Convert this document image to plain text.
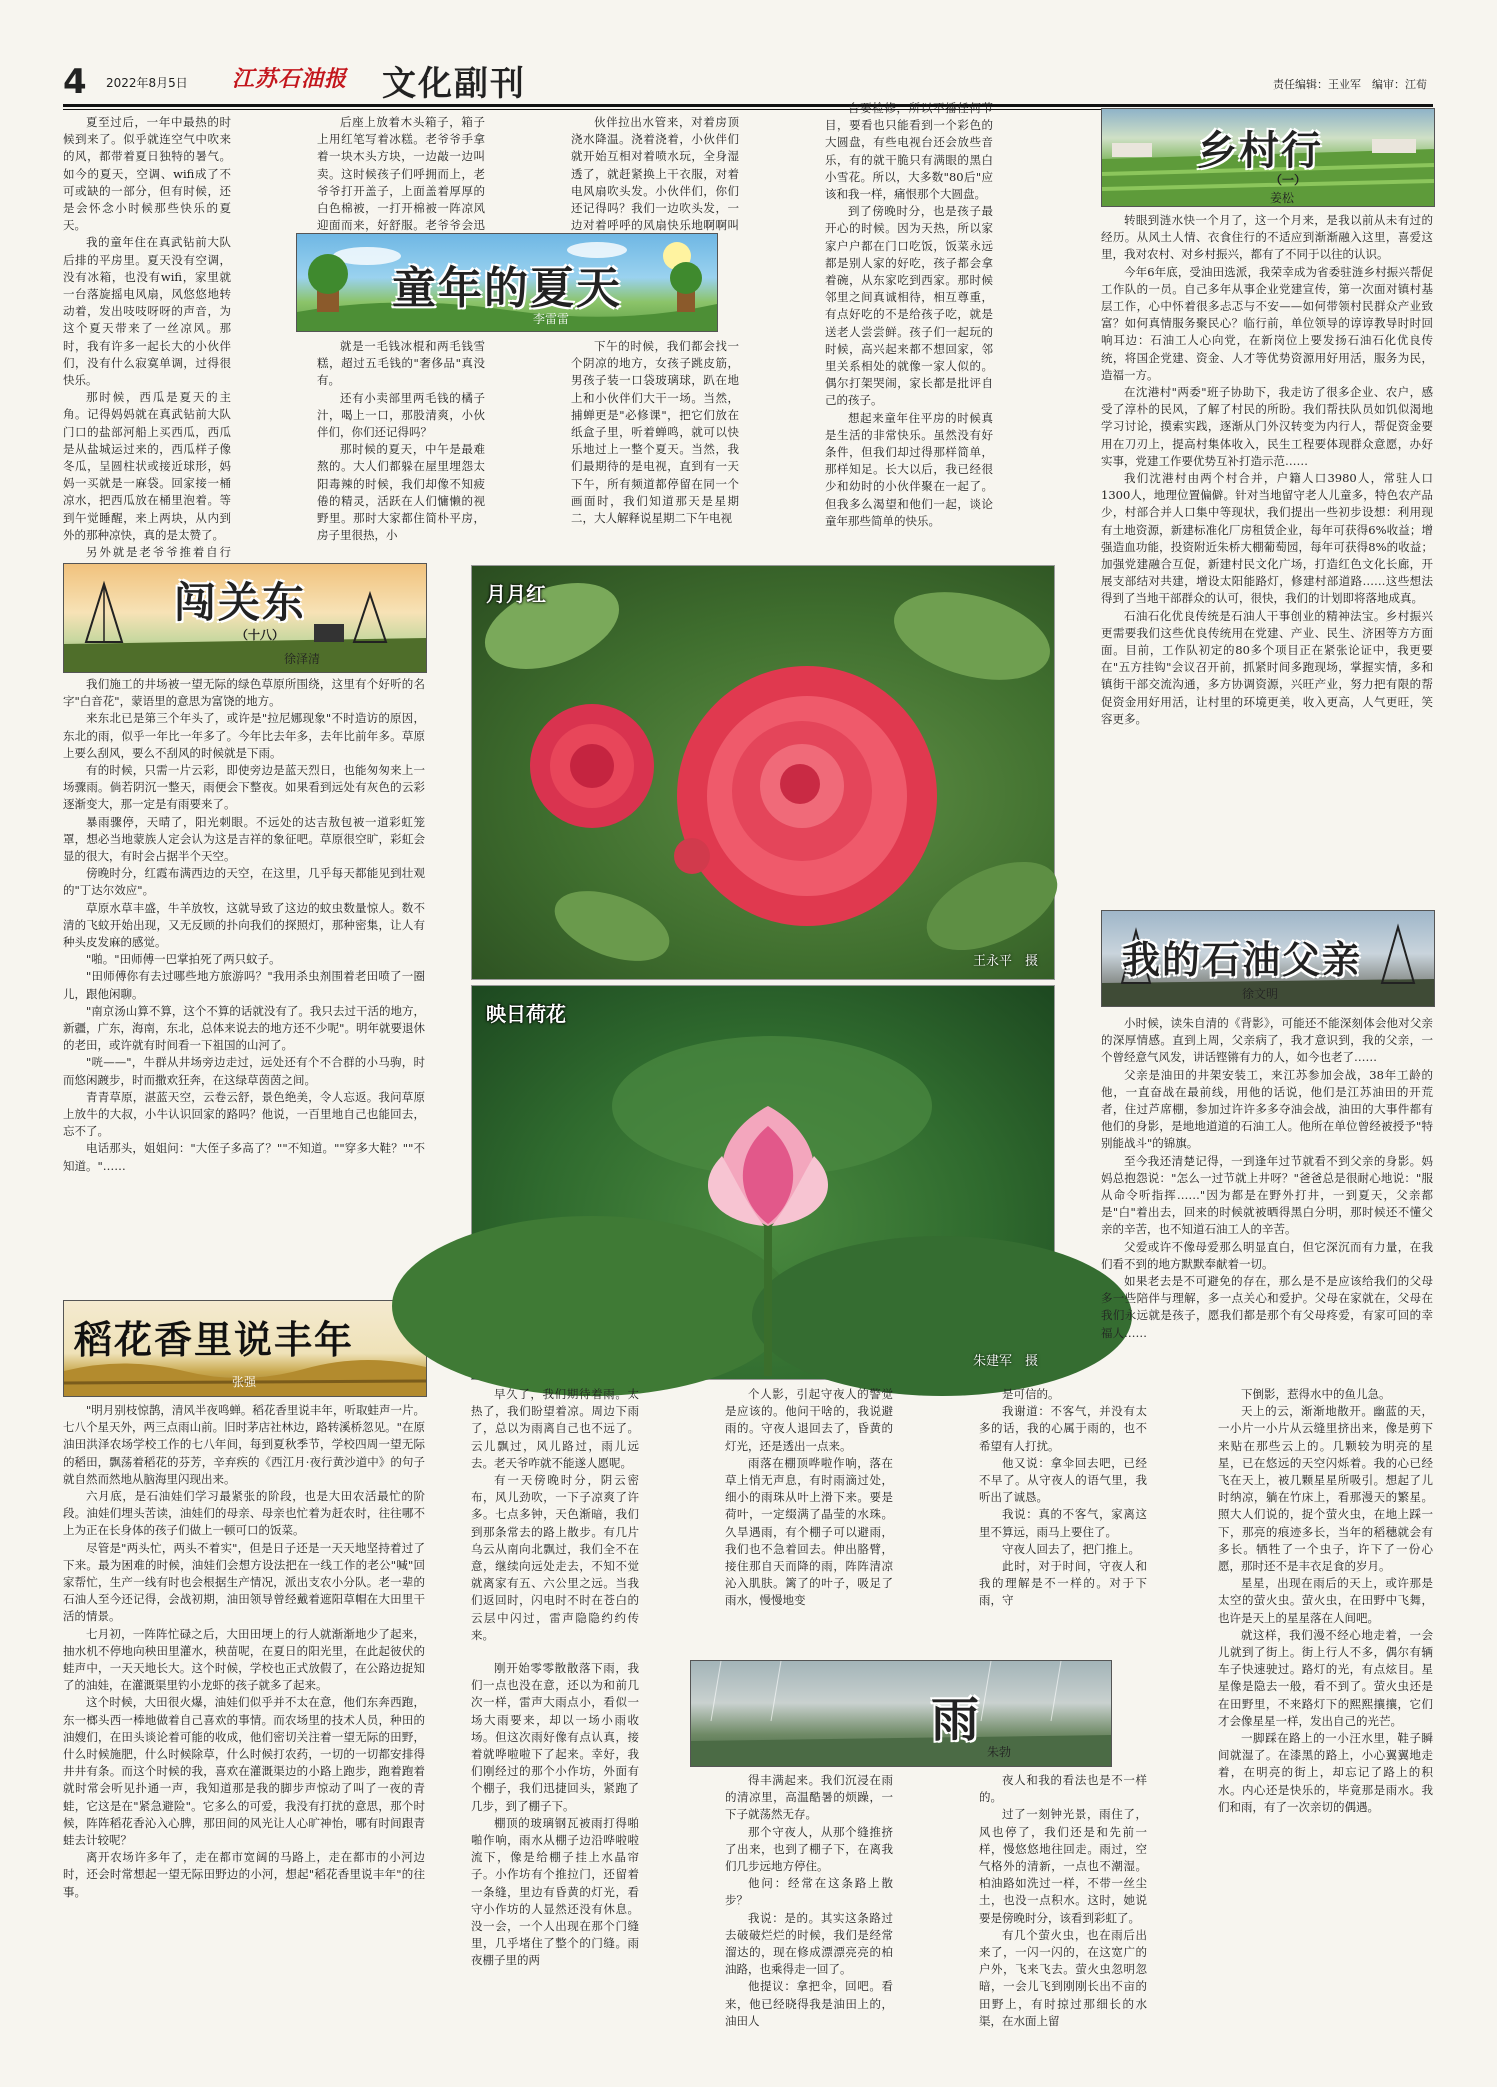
4 2022年8月5日 江苏石油报	文化副刊	责任编辑：王业军　编审：江荀

夏至过后，一年中最热的时候到来了。似乎就连空气中吹来的风，都带着夏日独特的暑气。如今的夏天，空调、wifi成了不可或缺的一部分，但有时候，还是会怀念小时候那些快乐的夏天。

我的童年住在真武钻前大队后排的平房里。夏天没有空调，没有冰箱，也没有wifi，家里就一台落旋摇电风扇，风悠悠地转动着，发出吱吱呀呀的声音，为这个夏天带来了一丝凉风。那时，我有许多一起长大的小伙伴们，没有什么寂寞单调，过得很快乐。

那时候，西瓜是夏天的主角。记得妈妈就在真武钻前大队门口的盐部河船上买西瓜，西瓜是从盐城运过来的，西瓜样子像冬瓜，呈圆柱状或接近球形，妈妈一买就是一麻袋。回家接一桶凉水，把西瓜放在桶里泡着。等到午觉睡醒，来上两块，从内到外的那种凉快，真的是太赞了。

另外就是老爷爷推着自行

后座上放着木头箱子，箱子上用红笔写着冰糕。老爷爷手拿着一块木头方块，一边敲一边叫卖。这时候孩子们呼拥而上，老爷爷打开盖子，上面盖着厚厚的白色棉被，一打开棉被一阵凉风迎面而来，好舒服。老爷爷会迅

伙伴拉出水管来，对着房顶浇水降温。浇着浇着，小伙伴们就开始互相对着喷水玩，全身湿透了，就赶紧换上干衣服，对着电风扇吹头发。小伙伴们，你们还记得吗？我们一边吹头发，一边对着呼呼的风扇快乐地啊啊叫

童年的夏天
李雷雷

就是一毛钱冰棍和两毛钱雪糕，超过五毛钱的"奢侈品"真没有。

还有小卖部里两毛钱的橘子汁，喝上一口，那股清爽，小伙伴们，你们还记得吗？

那时候的夏天，中午是最难熬的。大人们都躲在屋里埋怨太阳毒辣的时候，我们却像不知疲倦的精灵，活跃在人们慵懒的视野里。那时大家都住简朴平房，房子里很热，小

下午的时候，我们都会找一个阴凉的地方，女孩子跳皮筋，男孩子装一口袋玻璃球，趴在地上和小伙伴们大干一场。当然，捕蝉更是"必修课"，把它们放在纸盒子里，听着蝉鸣，就可以快乐地过上一整个夏天。当然，我们最期待的是电视，直到有一天下午，所有频道都停留在同一个画面时，我们知道那天是星期二，大人解释说星期二下午电视

台要检修，所以不播任何节目，要看也只能看到一个彩色的大圆盘，有些电视台还会放些音乐，有的就干脆只有满眼的黑白小雪花。所以，大多数"80后"应该和我一样，痛恨那个大圆盘。

到了傍晚时分，也是孩子最开心的时候。因为天热，所以家家户户都在门口吃饭，饭菜永远都是别人家的好吃，孩子都会拿着碗，从东家吃到西家。那时候邻里之间真诚相待，相互尊重，有点好吃的不是给孩子吃，就是送老人尝尝鲜。孩子们一起玩的时候，高兴起来都不想回家，邻里关系相处的就像一家人似的。偶尔打架哭闹，家长都是批评自己的孩子。

想起来童年住平房的时候真是生活的非常快乐。虽然没有好条件，但我们却过得那样简单，那样知足。长大以后，我已经很少和幼时的小伙伴聚在一起了。但我多么渴望和他们一起，谈论童年那些简单的快乐。

乡村行
（一）
姜松

转眼到涟水快一个月了，这一个月来，是我以前从未有过的经历。从风土人情、衣食住行的不适应到渐渐融入这里，喜爱这里，我对农村、对乡村振兴，都有了不同于以往的认识。

今年6年底，受油田选派，我荣幸成为省委驻涟乡村振兴帮促工作队的一员。自己多年从事企业党建宣传，第一次面对镇村基层工作，心中怀着很多忐忑与不安——如何带领村民群众产业致富？如何真情服务聚民心？临行前，单位领导的谆谆教导时时回响耳边：石油工人心向党，在新岗位上要发扬石油石化优良传统，将国企党建、资金、人才等优势资源用好用活，服务为民，造福一方。

在沈港村"两委"班子协助下，我走访了很多企业、农户，感受了淳朴的民风，了解了村民的所盼。我们帮扶队员如饥似渴地学习讨论，摸索实践，逐渐从门外汉转变为内行人，帮促资金要用在刀刃上，提高村集体收入，民生工程要体现群众意愿，办好实事，党建工作要优势互补打造示范……

我们沈港村由两个村合并，户籍人口3980人，常驻人口1300人，地理位置偏僻。针对当地留守老人儿童多，特色农产品少，村部合并人口集中等现状，我们提出一些初步设想：利用现有土地资源，新建标准化厂房租赁企业，每年可获得6%收益；增强造血功能，投资附近朱桥大棚葡萄园，每年可获得8%的收益；加强党建融合互促，新建村民文化广场，打造红色文化长廊，开展支部结对共建，增设太阳能路灯，修建村部道路……这些想法得到了当地干部群众的认可，很快，我们的计划即将落地成真。

石油石化优良传统是石油人干事创业的精神法宝。乡村振兴更需要我们这些优良传统用在党建、产业、民生、济困等方方面面。目前，工作队初定的80多个项目正在紧张论证中，我更要在"五方挂钩"会议召开前，抓紧时间多跑现场，掌握实情，多和镇街干部交流沟通，多方协调资源，兴旺产业，努力把有限的帮促资金用好用活，让村里的环境更美，收入更高，人气更旺，笑容更多。

闯关东
（十八）
徐泽清

我们施工的井场被一望无际的绿色草原所围绕，这里有个好听的名字"白音花"，蒙语里的意思为富饶的地方。

来东北已是第三个年头了，或许是"拉尼娜现象"不时造访的原因，东北的雨，似乎一年比一年多了。今年比去年多，去年比前年多。草原上要么刮风，要么不刮风的时候就是下雨。

有的时候，只需一片云彩，即使旁边是蓝天烈日，也能匆匆来上一场骤雨。倘若阴沉一整天，雨便会下整夜。如果看到远处有灰色的云彩逐渐变大，那一定是有雨要来了。

暴雨骤停，天晴了，阳光刺眼。不远处的达吉敖包被一道彩虹笼罩，想必当地蒙族人定会认为这是吉祥的象征吧。草原很空旷，彩虹会显的很大，有时会占据半个天空。

傍晚时分，红霞布满西边的天空，在这里，几乎每天都能见到壮观的"丁达尔效应"。

草原水草丰盛，牛羊放牧，这就导致了这边的蚊虫数量惊人。数不清的飞蚊开始出现，又无反顾的扑向我们的探照灯，那种密集，让人有种头皮发麻的感觉。

"啪。"田师傅一巴掌拍死了两只蚊子。

"田师傅你有去过哪些地方旅游吗？"我用杀虫剂围着老田喷了一圈儿，跟他闲聊。

"南京汤山算不算，这个不算的话就没有了。我只去过干活的地方，新疆，广东，海南，东北，总体来说去的地方还不少呢"。明年就要退休的老田，或许就有时间看一下祖国的山河了。

"咣——"，牛群从井场旁边走过，远处还有个不合群的小马驹，时而悠闲踱步，时而撒欢狂奔，在这绿草茵茵之间。

青青草原，湛蓝天空，云卷云舒，景色绝美，令人忘返。我问草原上放牛的大叔，小牛认识回家的路吗？他说，一百里地自己也能回去，忘不了。

电话那头，姐姐问："大侄子多高了？""不知道。""穿多大鞋？""不知道。"……

稻花香里说丰年
张强

"明月别枝惊鹊，清风半夜鸣蝉。稻花香里说丰年，听取蛙声一片。七八个星天外，两三点雨山前。旧时茅店社林边，路转溪桥忽见。"在原油田洪泽农场学校工作的七八年间，每到夏秋季节，学校四周一望无际的稻田，飘荡着稻花的芬芳，辛弃疾的《西江月·夜行黄沙道中》的句子就自然而然地从脑海里闪现出来。

六月底，是石油娃们学习最紧张的阶段，也是大田农活最忙的阶段。油娃们埋头苦读，油娃们的母亲、母亲也忙着为赶农时，往往哪不上为正在长身体的孩子们做上一顿可口的饭菜。

尽管是"两头忙，两头不着实"，但是日子还是一天天地坚持着过了下来。最为困难的时候，油娃们会想方设法把在一线工作的老公"喊"回家帮忙，生产一线有时也会根据生产情况，派出支农小分队。老一辈的石油人至今还记得，会战初期，油田领导曾经戴着遮阳草帽在大田里干活的情景。

七月初，一阵阵忙碌之后，大田田埂上的行人就渐渐地少了起来，抽水机不停地向秧田里灌水，秧苗呢，在夏日的阳光里，在此起彼伏的蛙声中，一天天地长大。这个时候，学校也正式放假了，在公路边捉知了的油娃，在灌溉渠里钓小龙虾的孩子就多了起来。

这个时候，大田很火爆，油娃们似乎并不太在意，他们东奔西跑，东一榔头西一棒地做着自己喜欢的事情。而农场里的技术人员，种田的油嫂们，在田头谈论着可能的收成，他们密切关注着一望无际的田野，什么时候施肥，什么时候除草，什么时候打农药，一切的一切都安排得井井有条。而这个时候的我，喜欢在灌溉渠边的小路上跑步，跑着跑着就时常会听见扑通一声，我知道那是我的脚步声惊动了叫了一夜的青蛙，它这是在"紧急避险"。它多么的可爱，我没有打扰的意思，那个时候，阵阵稻花香沁入心脾，那田间的风光让人心旷神怡，哪有时间跟青蛙去计较呢？

离开农场许多年了，走在都市宽阔的马路上，走在都市的小河边时，还会时常想起一望无际田野边的小河，想起"稻花香里说丰年"的往事。

月月红
王永平　摄
映日荷花
朱建军　摄
我的石油父亲
徐文明

小时候，读朱自清的《背影》，可能还不能深刻体会他对父亲的深厚情感。直到上周，父亲病了，我才意识到，我的父亲，一个曾经意气风发，讲话铿锵有力的人，如今也老了……

父亲是油田的井架安装工，来江苏参加会战，38年工龄的他，一直奋战在最前线，用他的话说，他们是江苏油田的开荒者，住过芦席棚，参加过许许多多夺油会战，油田的大事件都有他们的身影，是地地道道的石油工人。他所在单位曾经被授予"特别能战斗"的锦旗。

至今我还清楚记得，一到逢年过节就看不到父亲的身影。妈妈总抱怨说："怎么一过节就上井呀？"爸爸总是很耐心地说："服从命令听指挥……"因为都是在野外打井，一到夏天，父亲都是"白"着出去，回来的时候就被晒得黑白分明，那时候还不懂父亲的辛苦，也不知道石油工人的辛苦。

父爱或许不像母爱那么明显直白，但它深沉而有力量，在我们看不到的地方默默奉献着一切。

如果老去是不可避免的存在，那么是不是应该给我们的父母多一些陪伴与理解，多一点关心和爱护。父母在家就在，父母在我们永远就是孩子，愿我们都是那个有父母疼爱，有家可回的幸福人……

早久了，我们期待着雨。太热了，我们盼望着凉。周边下雨了，总以为雨离自己也不远了。云儿飘过，风儿路过，雨儿远去。老天爷咋就不能遂人愿呢。

有一天傍晚时分，阴云密布，风儿劲吹，一下子凉爽了许多。七点多钟，天色渐暗，我们到那条常去的路上散步。有几片乌云从南向北飘过，我们全不在意，继续向远处走去，不知不觉就离家有五、六公里之远。当我们返回时，闪电时不时在苍白的云层中闪过，雷声隐隐约约传来。

个人影，引起守夜人的警觉是应该的。他问干啥的，我说避雨的。守夜人退回去了，昏黄的灯光，还是透出一点来。

雨落在棚顶哗啦作响，落在草上悄无声息，有时雨滴过处，细小的雨珠从叶上滑下来。要是荷叶，一定缀满了晶莹的水珠。久旱遇雨，有个棚子可以避雨，我们也不急着回去。伸出胳臂，接住那自天而降的雨，阵阵清凉沁入肌肤。篱了的叶子，吸足了雨水，慢慢地变

是可信的。

我谢道：不客气，并没有太多的话，我的心属于雨的，也不希望有人打扰。

他又说：拿伞回去吧，已经不早了。从守夜人的语气里，我听出了诚恳。

我说：真的不客气，家离这里不算远，雨马上要住了。

守夜人回去了，把门推上。

此时，对于时间，守夜人和我的理解是不一样的。对于下雨，守

雨
朱勃

刚开始零零散散落下雨，我们一点也没在意，还以为和前几次一样，雷声大雨点小，看似一场大雨要来，却以一场小雨收场。但这次雨好像有点认真，接着就哗啦啦下了起来。幸好，我们刚经过的那个小作坊，外面有个棚子，我们迅捷回头，紧跑了几步，到了棚子下。

棚顶的玻璃钢瓦被雨打得啪啪作响，雨水从棚子边沿哗啦啦流下，像是给棚子挂上水晶帘子。小作坊有个推拉门，还留着一条缝，里边有昏黄的灯光，看守小作坊的人显然还没有休息。没一会，一个人出现在那个门缝里，几乎堵住了整个的门缝。雨夜棚子里的两

得丰满起来。我们沉浸在雨的清凉里，高温酷暑的烦躁，一下子就荡然无存。

那个守夜人，从那个缝推挤了出来，也到了棚子下，在离我们几步远地方停住。

他问：经常在这条路上散步？

我说：是的。其实这条路过去破破烂烂的时候，我们是经常溜达的，现在修成漂漂亮亮的柏油路，也乘得走一回了。

他提议：拿把伞，回吧。看来，他已经晓得我是油田上的，油田人

夜人和我的看法也是不一样的。

过了一刻钟光景，雨住了，风也停了，我们还是和先前一样，慢悠悠地往回走。雨过，空气格外的清新，一点也不潮湿。柏油路如洗过一样，不带一丝尘土，也没一点积水。这时，她说要是傍晚时分，该看到彩虹了。

有几个萤火虫，也在雨后出来了，一闪一闪的，在这宽广的户外，飞来飞去。萤火虫忽明忽暗，一会儿飞到刚刚长出不亩的田野上，有时掠过那细长的水渠，在水面上留

下倒影，惹得水中的鱼儿急。

天上的云，渐渐地散开。幽蓝的天，一小片一小片从云缝里挤出来，像是剪下来贴在那些云上的。几颗较为明亮的星星，已在悠远的天空闪烁着。我的心已经飞在天上，被几颗星星所吸引。想起了儿时纳凉，躺在竹床上，看那漫天的繁星。照大人们说的，捉个萤火虫，在地上踩一下，那亮的痕迹多长，当年的稻穗就会有多长。牺牲了一个虫子，许下了一份心愿，那时还不是丰衣足食的岁月。

星星，出现在雨后的天上，或许那是太空的萤火虫。萤火虫，在田野中飞舞，也许是天上的星星落在人间吧。

就这样，我们漫不经心地走着，一会儿就到了街上。街上行人不多，偶尔有辆车子快速驶过。路灯的光，有点炫目。星星像是隐去一般，看不到了。萤火虫还是在田野里，不来路灯下的熙熙攘攘，它们才会像星星一样，发出自己的光芒。

一脚踩在路上的一小汪水里，鞋子瞬间就湿了。在漆黑的路上，小心翼翼地走着，在明亮的街上，却忘记了路上的积水。内心还是快乐的，毕竟那是雨水。我们和雨，有了一次亲切的偶遇。
